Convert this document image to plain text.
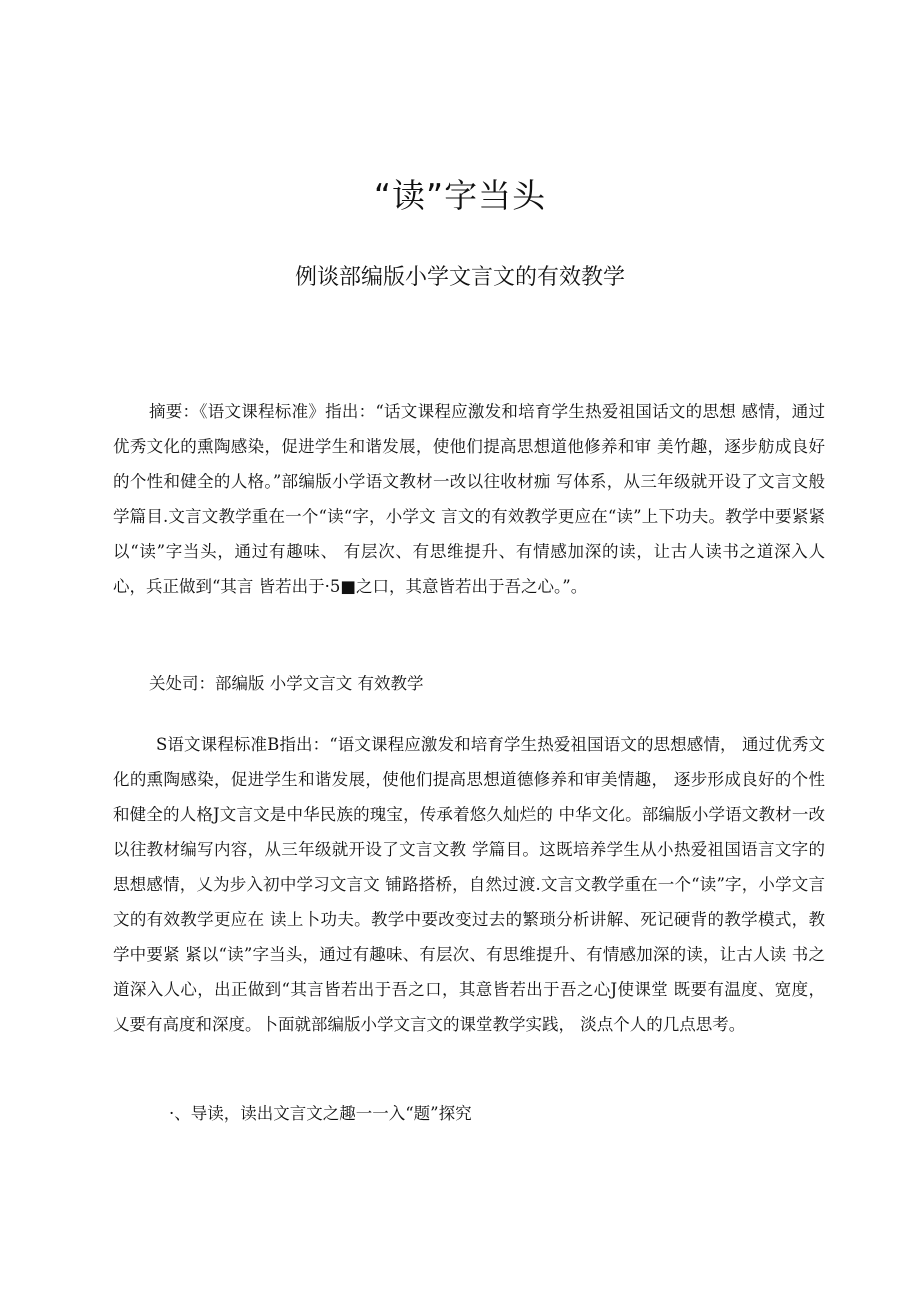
“读”字当头
例谈部编版小学文言文的有效教学

摘要：《语文课程标准》指出：“话文课程应激发和培育学生热爱祖国话文的思想 感情，通过优秀文化的熏陶感染，促进学生和谐发展，使他们提高思想道他修养和审 美竹趣，逐步舫成良好的个性和健全的人格。”部编版小学语文教材一改以往收材痂 写体系，从三年级就开设了文言文般学篇目.文言文教学重在一个“读“字，小学文 言文的有效教学更应在“读”上下功夫。教学中要紧紧以“读”字当头，通过有趣味、 有层次、有思维提升、有情感加深的读，让古人读书之道深入人心，兵正做到“其言 皆若出于·5■之口，其意皆若出于吾之心。”。

关处司：部编版 小学文言文 有效教学

S语文课程标准B指出：“语文课程应激发和培育学生热爱祖国语文的思想感情， 通过优秀文化的熏陶感染，促进学生和谐发展，使他们提高思想道德修养和审美情趣， 逐步形成良好的个性和健全的人格J文言文是中华民族的瑰宝，传承着悠久灿烂的 中华文化。部编版小学语文教材一改以往教材编写内容，从三年级就开设了文言文教 学篇目。这既培养学生从小热爱祖国语言文字的思想感情，乂为步入初中学习文言文 铺路搭桥，自然过渡.文言文教学重在一个“读”字，小学文言文的有效教学更应在 读上卜功夫。教学中要改变过去的繁琐分析讲解、死记硬背的教学模式，教学中要紧 紧以“读”字当头，通过有趣味、有层次、有思维提升、有情感加深的读，让古人读 书之道深入人心，出正做到“其言皆若出于吾之口，其意皆若出于吾之心J使课堂 既要有温度、宽度，乂要有高度和深度。卜面就部编版小学文言文的课堂教学实践， 淡点个人的几点思考。

·、导读，读出文言文之趣一一入“题”探究
